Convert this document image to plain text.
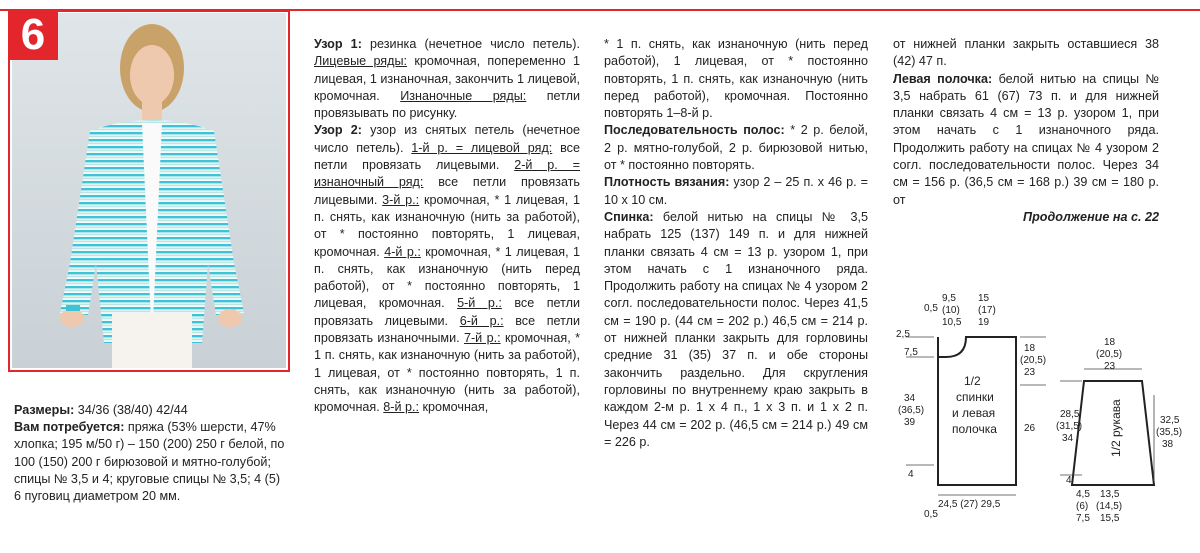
6

Размеры: 34/36 (38/40) 42/44

Вам потребуется: пряжа (53% шерсти, 47% хлопка; 195 м/50 г) – 150 (200) 250 г белой, по 100 (150) 200 г бирюзовой и мятно-голубой; спицы № 3,5 и 4; круговые спицы № 3,5; 4 (5) 6 пуговиц диаметром 20 мм.

Узор 1: резинка (нечетное число петель). Лицевые ряды: кромочная, попеременно 1 лицевая, 1 изнаночная, закончить 1 лицевой, кромочная. Изнаночные ряды: петли провязывать по рисунку.

Узор 2: узор из снятых петель (нечетное число петель). 1-й р. = лицевой ряд: все петли провязать лицевыми. 2-й р. = изнаночный ряд: все петли провязать лицевыми. 3-й р.: кромочная, * 1 лицевая, 1 п. снять, как изнаночную (нить за работой), от * постоянно повторять, 1 лицевая, кромочная. 4-й р.: кромочная, * 1 лицевая, 1 п. снять, как изнаночную (нить перед работой), от * постоянно повторять, 1 лицевая, кромочная. 5-й р.: все петли провязать лицевыми. 6-й р.: все петли провязать изнаночными. 7-й р.: кромочная, * 1 п. снять, как изнаночную (нить за работой), 1 лицевая, от * постоянно повторять, 1 п. снять, как изнаночную (нить за работой), кромочная. 8-й р.: кромочная,

* 1 п. снять, как изнаночную (нить перед работой), 1 лицевая, от * постоянно повторять, 1 п. снять, как изнаночную (нить перед работой), кромочная. Постоянно повторять 1–8-й р.

Последовательность полос: * 2 р. белой, 2 р. мятно-голубой, 2 р. бирюзовой нитью, от * постоянно повторять.

Плотность вязания: узор 2 – 25 п. х 46 р. = 10 х 10 см.

Спинка: белой нитью на спицы № 3,5 набрать 125 (137) 149 п. и для нижней планки связать 4 см = 13 р. узором 1, при этом начать с 1 изнаночного ряда. Продолжить работу на спицах № 4 узором 2 согл. последовательности полос. Через 41,5 см = 190 р. (44 см = 202 р.) 46,5 см = 214 р. от нижней планки закрыть для горловины средние 31 (35) 37 п. и обе стороны закончить раздельно. Для скругления горловины по внутреннему краю закрыть в каждом 2-м р. 1 х 4 п., 1 х 3 п. и 1 х 2 п. Через 44 см = 202 р. (46,5 см = 214 р.) 49 см = 226 р.

от нижней планки закрыть оставшиеся 38 (42) 47 п.

Левая полочка: белой нитью на спицы № 3,5 набрать 61 (67) 73 п. и для нижней планки связать 4 см = 13 р. узором 1, при этом начать с 1 изнаночного ряда. Продолжить работу на спицах № 4 узором 2 согл. последовательности полос. Через 34 см = 156 р. (36,5 см = 168 р.) 39 см = 180 р. от

Продолжение на с. 22

0,5
9,5
(10)
10,5
15
(17)
19
2,5
7,5
34
(36,5)
39
4
1/2
спинки
и левая
полочка
18
(20,5)
23
26
0,5
24,5 (27) 29,5
18
(20,5)
23
28,5
(31,5)
34
4
1/2 рукава	32,5
(35,5)
38
4,5
(6)
7,5
13,5
(14,5)
15,5
